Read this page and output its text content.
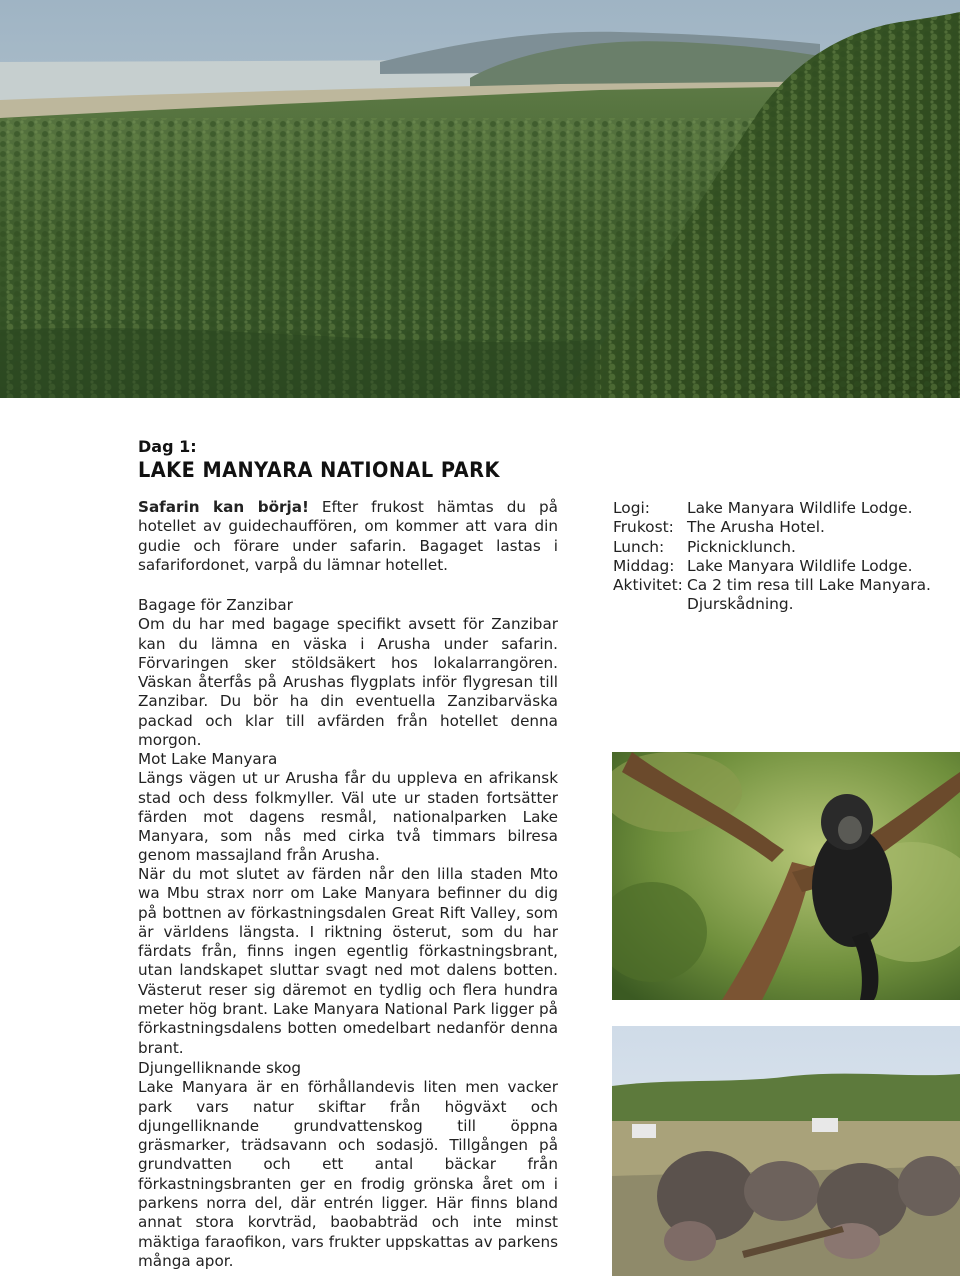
Dag 1:
LAKE MANYARA NATIONAL PARK

Safarin kan börja! Efter frukost hämtas du på hotellet av guidechauffören, om kommer att vara din gudie och förare under safarin. Bagaget lastas i safarifordonet, varpå du lämnar hotellet.

Bagage för Zanzibar
Om du har med bagage specifikt avsett för Zanzibar kan du lämna en väska i Arusha under safarin. Förvaringen sker stöldsäkert hos lokalarrangören. Väskan återfås på Arushas flygplats inför flygresan till Zanzibar. Du bör ha din eventuella Zanzibarväska packad och klar till avfärden från hotellet denna morgon.

Mot Lake Manyara
Längs vägen ut ur Arusha får du uppleva en afrikansk stad och dess folkmyller. Väl ute ur staden fortsätter färden mot dagens resmål, nationalparken Lake Manyara, som nås med cirka två timmars bilresa genom massajland från Arusha.

När du mot slutet av färden når den lilla staden Mto wa Mbu strax norr om Lake Manyara befinner du dig på bottnen av förkastningsdalen Great Rift Valley, som är världens längsta. I riktning österut, som du har färdats från, finns ingen egentlig förkastningsbrant, utan landskapet sluttar svagt ned mot dalens botten. Västerut reser sig däremot en tydlig och flera hundra meter hög brant. Lake Manyara National Park ligger på förkastningsdalens botten omedelbart nedanför denna brant.

Djungelliknande skog
Lake Manyara är en förhållandevis liten men vacker park vars natur skiftar från högväxt och djungelliknande grundvattenskog till öppna gräsmarker, trädsavann och sodasjö. Tillgången på grundvatten och ett antal bäckar från förkastningsbranten ger en frodig grönska året om i parkens norra del, där entrén ligger. Här finns bland annat stora korvträd, baobabträd och inte minst mäktiga faraofikon, vars frukter uppskattas av parkens många apor.

Logi:	Lake Manyara Wildlife Lodge.
Frukost: The Arusha Hotel.
Lunch:	Picknicklunch.
Middag: Lake Manyara Wildlife Lodge.
Aktivitet: Ca 2 tim resa till Lake Manyara. Djurskådning.
